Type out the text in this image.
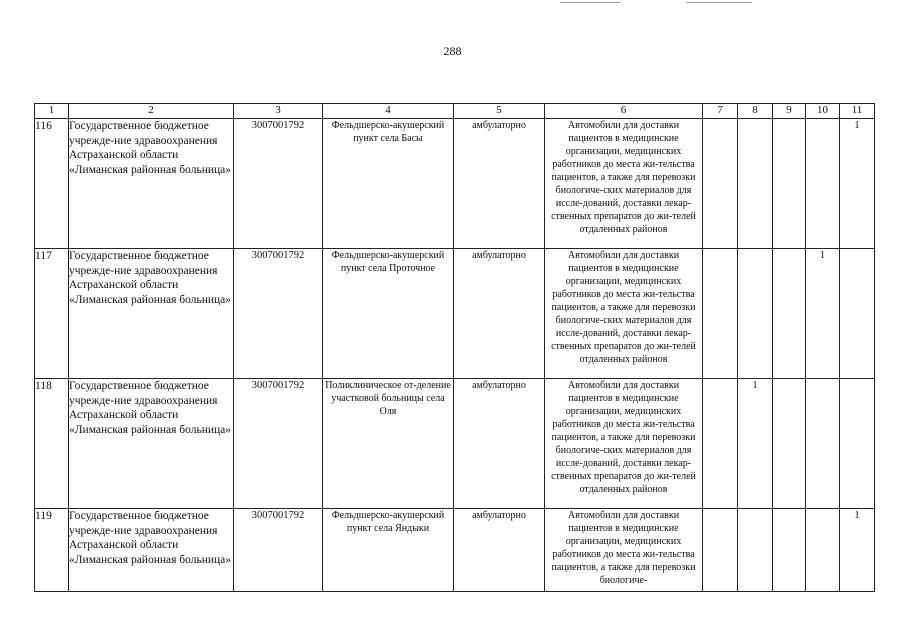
288
1	2	3	4	5	6	7	8	9	10	11
116	Государственное бюджетное учрежде-ние здравоохранения Астраханской области «Лиманская районная больница»	3007001792	Фельдшерско-акушерский пункт села Басы	амбулаторно	Автомобили для доставки пациентов в медицинские организации, медицинских работников до места жи-тельства пациентов, а также для перевозки биологиче-ских материалов для иссле-дований, доставки лекар-ственных препаратов до жи-телей отдаленных районов					1
117	Государственное бюджетное учрежде-ние здравоохранения Астраханской области «Лиманская районная больница»	3007001792	Фельдшерско-акушерский пункт села Проточное	амбулаторно	Автомобили для доставки пациентов в медицинские организации, медицинских работников до места жи-тельства пациентов, а также для перевозки биологиче-ских материалов для иссле-дований, доставки лекар-ственных препаратов до жи-телей отдаленных районов				1	
118	Государственное бюджетное учрежде-ние здравоохранения Астраханской области «Лиманская районная больница»	3007001792	Поликлиническое от-деление участковой больницы села Оля	амбулаторно	Автомобили для доставки пациентов в медицинские организации, медицинских работников до места жи-тельства пациентов, а также для перевозки биологиче-ских материалов для иссле-дований, доставки лекар-ственных препаратов до жи-телей отдаленных районов		1			
119	Государственное бюджетное учрежде-ние здравоохранения Астраханской области «Лиманская районная больница»	3007001792	Фельдшерско-акушерский пункт села Яндыки	амбулаторно	Автомобили для доставки пациентов в медицинские организации, медицинских работников до места жи-тельства пациентов, а также для перевозки биологиче-					1
